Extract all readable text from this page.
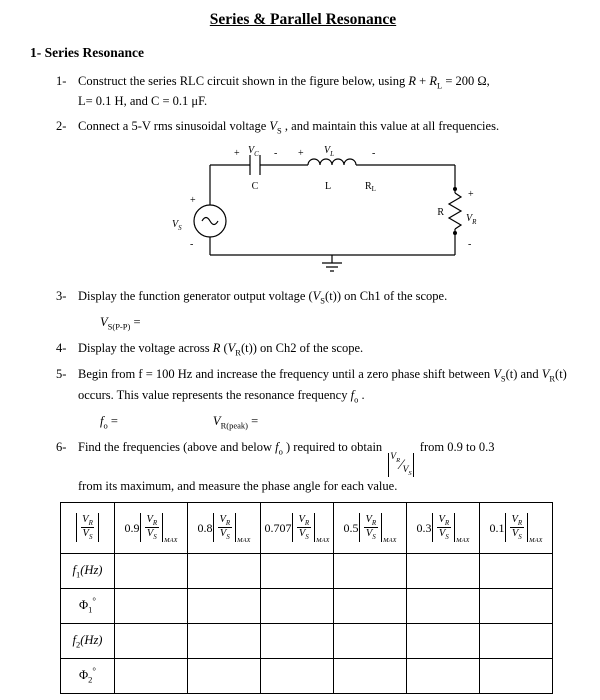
Series & Parallel Resonance
1- Series Resonance
1- Construct the series RLC circuit shown in the figure below, using $R + R_L = 200$ Ω,
L= 0.1 H, and C = 0.1 μF.
2- Connect a 5-V rms sinusoidal voltage $V_S$ , and maintain this value at all frequencies.
+ $V_C$ -
C
+ $V_L$	-
L	$R_L$
+
$V_S$
-
R
+
$V_R$
-
3- Display the function generator output voltage $(V_S(t))$ on Ch1 of the scope.
$V_{S(P-P)}$ =
4- Display the voltage across R $(V_R(t))$ on Ch2 of the scope.
5- Begin from f = 100 Hz and increase the frequency until a zero phase shift between $V_S(t)$ and $V_R(t)$ occurs. This value represents the resonance frequency $f_o$ .
$f_o$ =	$V_{R(peak)}$ =
6- Find the frequencies (above and below $f_o$ ) required to obtain
$V_R$ ⁄ $V_S$
from 0.9 to 0.3
from its maximum, and measure the phase angle for each value.
$\frac{V_R}{V_S}$	$0.9 \frac{V_R}{V_S}$ MAX	$0.8 \frac{V_R}{V_S}$ MAX	$0.707 \frac{V_R}{V_S}$ MAX	$0.5 \frac{V_R}{V_S}$ MAX	$0.3 \frac{V_R}{V_S}$ MAX	$0.1 \frac{V_R}{V_S}$ MAX

$f_1(Hz)$						
$\Phi_1^\circ$						
$f_2(Hz)$						
$\Phi_2^\circ$						
